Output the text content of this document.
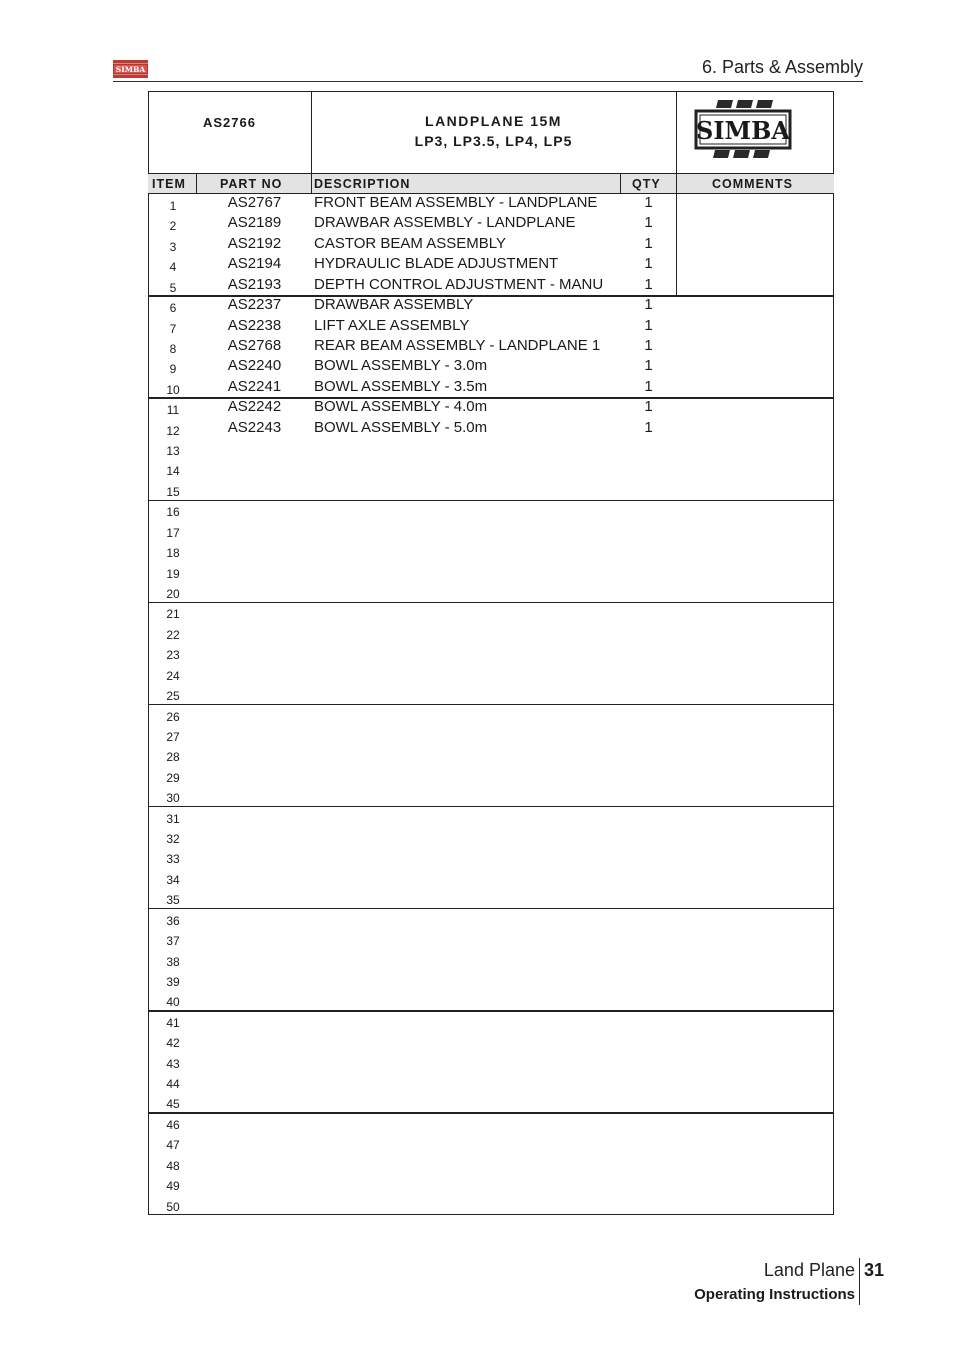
SIMBA	6. Parts & Assembly
AS2766	LANDPLANE 15M
LP3, LP3.5, LP4, LP5	SIMBA
ITEM	PART NO	DESCRIPTION	QTY	COMMENTS
1	AS2767	FRONT BEAM ASSEMBLY - LANDPLANE	1
2	AS2189	DRAWBAR ASSEMBLY - LANDPLANE	1
3	AS2192	CASTOR BEAM ASSEMBLY	1
4	AS2194	HYDRAULIC BLADE ADJUSTMENT	1
5	AS2193	DEPTH CONTROL ADJUSTMENT - MANU	1
6	AS2237	DRAWBAR ASSEMBLY	1
7	AS2238	LIFT AXLE ASSEMBLY	1
8	AS2768	REAR BEAM ASSEMBLY - LANDPLANE 1	1
9	AS2240	BOWL ASSEMBLY - 3.0m	1
10	AS2241	BOWL ASSEMBLY - 3.5m	1
11	AS2242	BOWL ASSEMBLY - 4.0m	1
12	AS2243	BOWL ASSEMBLY - 5.0m	1
13
14
15
16
17
18
19
20
21
22
23
24
25
26
27
28
29
30
31
32
33
34
35
36
37
38
39
40
41
42
43
44
45
46
47
48
49
50
Land Plane 31
Operating Instructions
